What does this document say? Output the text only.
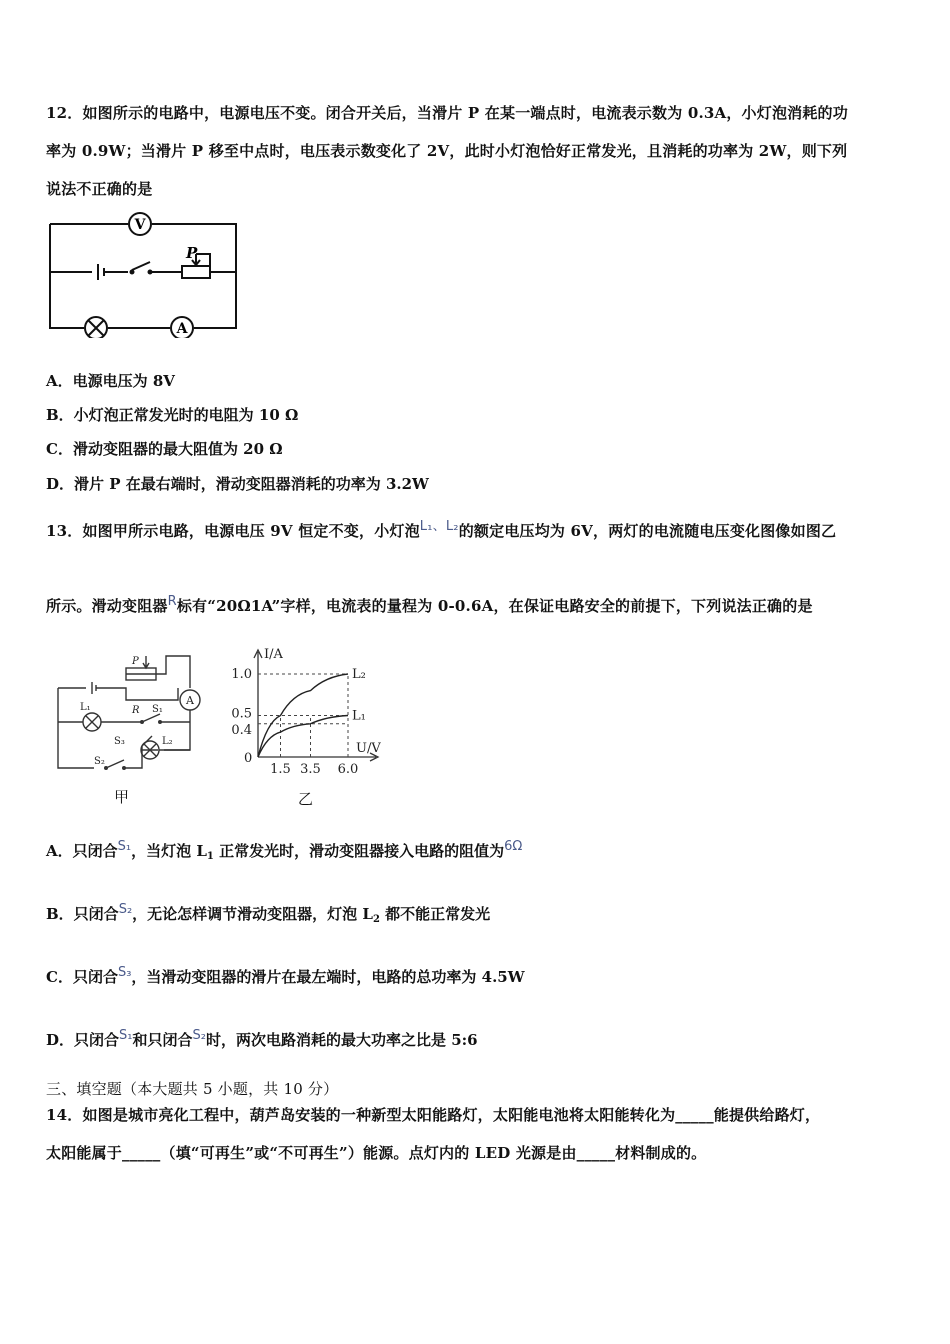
12．如图所示的电路中，电源电压不变。闭合开关后，当滑片 P 在某一端点时，电流表示数为 0.3A，小灯泡消耗的功
率为 0.9W；当滑片 P 移至中点时，电压表示数变化了 2V，此时小灯泡恰好正常发光，且消耗的功率为 2W，则下列
说法不正确的是
V
A
P
A．电源电压为 8V
B．小灯泡正常发光时的电阻为 10 Ω
C．滑动变阻器的最大阻值为 20 Ω
D．滑片 P 在最右端时，滑动变阻器消耗的功率为 3.2W
13．如图甲所示电路，电源电压 9V 恒定不变，小灯泡L₁、L₂的额定电压均为 6V，两灯的电流随电压变化图像如图乙
所示。滑动变阻器R标有“20Ω1A”字样，电流表的量程为 0-0.6A，在保证电路安全的前提下，下列说法正确的是
P
A
L₁	R S₁
S₃	L₂
S₂
甲
I/A
U/V
0
0.4
0.5
1.0
1.5 3.5 6.0
L₂
L₁
乙
A．只闭合S₁，当灯泡 $L_1$ 正常发光时，滑动变阻器接入电路的阻值为6Ω
B．只闭合S₂，无论怎样调节滑动变阻器，灯泡 $L_2$ 都不能正常发光
C．只闭合S₃，当滑动变阻器的滑片在最左端时，电路的总功率为 4.5W
D．只闭合S₁和只闭合S₂时，两次电路消耗的最大功率之比是 5:6
三、填空题（本大题共 5 小题，共 10 分）
14．如图是城市亮化工程中，葫芦岛安装的一种新型太阳能路灯，太阳能电池将太阳能转化为_____能提供给路灯，
太阳能属于_____（填“可再生”或“不可再生”）能源。点灯内的 LED 光源是由_____材料制成的。
